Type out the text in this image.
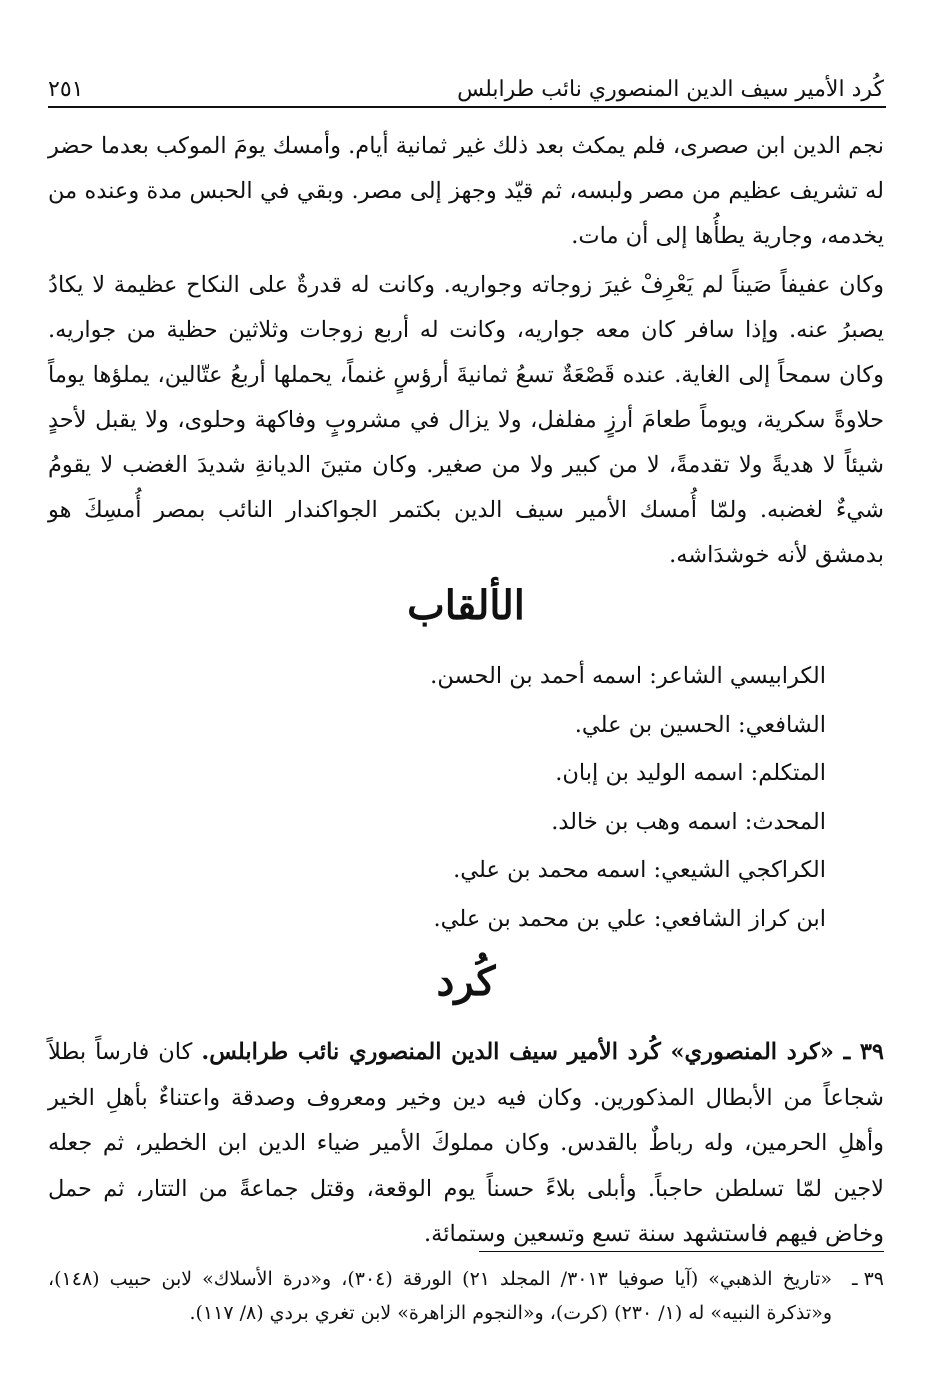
كُرد الأمير سيف الدين المنصوري نائب طرابلس
٢٥١

نجم الدين ابن صصرى، فلم يمكث بعد ذلك غير ثمانية أيام. وأمسك يومَ الموكب بعدما حضر له تشريف عظيم من مصر ولبسه، ثم قيّد وجهز إلى مصر. وبقي في الحبس مدة وعنده من يخدمه، وجارية يطأُها إلى أن مات.

وكان عفيفاً صَيناً لم يَعْرِفْ غيرَ زوجاته وجواريه. وكانت له قدرةٌ على النكاح عظيمة لا يكادُ يصبرُ عنه. وإذا سافر كان معه جواريه، وكانت له أربع زوجات وثلاثين حظية من جواريه. وكان سمحاً إلى الغاية. عنده قَصْعَةٌ تسعُ ثمانيةَ أرؤسٍ غنماً، يحملها أربعُ عتّالين، يملؤها يوماً حلاوةً سكرية، ويوماً طعامَ أرزٍ مفلفل، ولا يزال في مشروبٍ وفاكهة وحلوى، ولا يقبل لأحدٍ شيئاً لا هديةً ولا تقدمةً، لا من كبير ولا من صغير. وكان متينَ الديانةِ شديدَ الغضب لا يقومُ شيءٌ لغضبه. ولمّا أُمسك الأمير سيف الدين بكتمر الجواكندار النائب بمصر أُمسِكَ هو بدمشق لأنه خوشدَاشه.

الألقاب
الكرابيسي الشاعر: اسمه أحمد بن الحسن.
الشافعي: الحسين بن علي.
المتكلم: اسمه الوليد بن إبان.
المحدث: اسمه وهب بن خالد.
الكراكجي الشيعي: اسمه محمد بن علي.
ابن كراز الشافعي: علي بن محمد بن علي.
كُرد

٣٩ ـ «كرد المنصوري» كُرد الأمير سيف الدين المنصوري نائب طرابلس. كان فارساً بطلاً شجاعاً من الأبطال المذكورين. وكان فيه دين وخير ومعروف وصدقة واعتناءٌ بأهلِ الخير وأهلِ الحرمين، وله رباطٌ بالقدس. وكان مملوكَ الأمير ضياء الدين ابن الخطير، ثم جعله لاجين لمّا تسلطن حاجباً. وأبلى بلاءً حسناً يوم الوقعة، وقتل جماعةً من التتار، ثم حمل وخاض فيهم فاستشهد سنة تسع وتسعين وستمائة.

٣٩ ـ
«تاريخ الذهبي» (آيا صوفيا ٣٠١٣/ المجلد ٢١) الورقة (٣٠٤)، و«درة الأسلاك» لابن حبيب (١٤٨)، و«تذكرة النبيه» له (١/ ٢٣٠) (كرت)، و«النجوم الزاهرة» لابن تغري بردي (٨/ ١١٧).
